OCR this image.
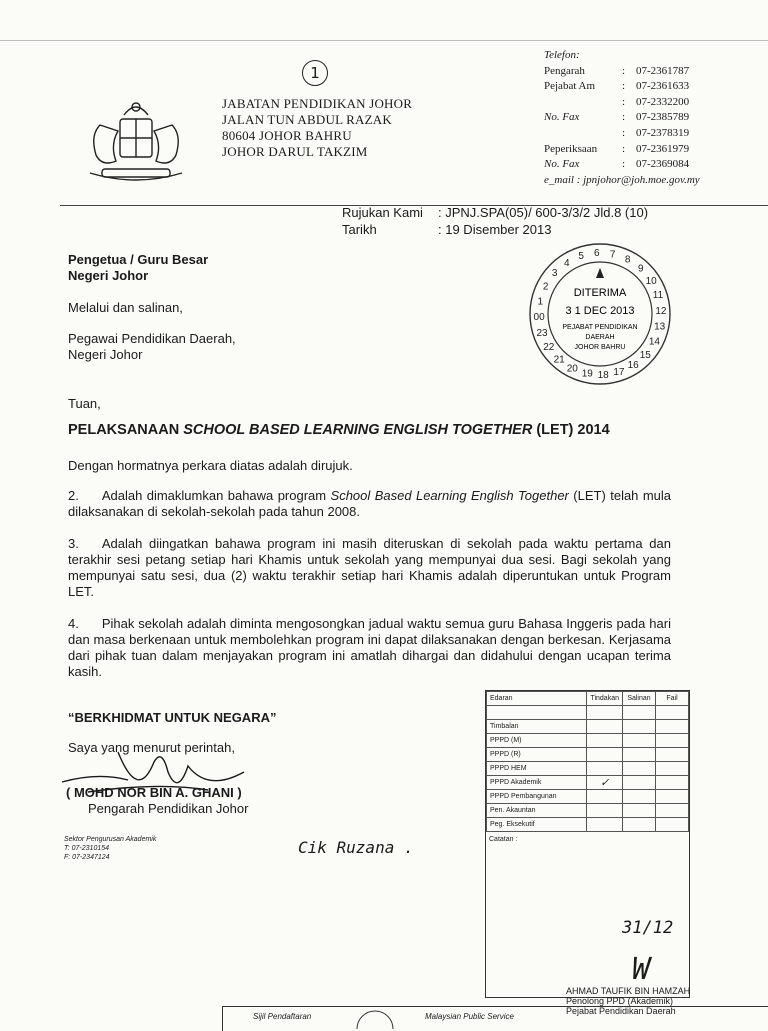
JABATAN PENDIDIKAN JOHOR
JALAN TUN ABDUL RAZAK
80604 JOHOR BAHRU
JOHOR DARUL TAKZIM
1
Telefon:
Pengarah	: 07-2361787
Pejabat Am	: 07-2361633
: 07-2332200
No. Fax	: 07-2385789
: 07-2378319
Peperiksaan	: 07-2361979
No. Fax	: 07-2369084
e_mail : jpnjohor@joh.moe.gov.my
Rujukan Kami	: JPNJ.SPA(05)/ 600-3/3/2 Jld.8 (10)
Tarikh	: 19 Disember 2013
Pengetua / Guru Besar
Negeri Johor
Melalui dan salinan,
Pegawai Pendidikan Daerah,
Negeri Johor
1
2
3
4
5 6 7 8
9
10
11
12
13
14
15
16
17
18
19
20
21
22
23
00
DITERIMA
3 1 DEC 2013
PEJABAT PENDIDIKAN
DAERAH
JOHOR BAHRU
Tuan,
PELAKSANAAN SCHOOL BASED LEARNING ENGLISH TOGETHER (LET) 2014
Dengan hormatnya perkara diatas adalah dirujuk.
2. Adalah dimaklumkan bahawa program School Based Learning English Together (LET) telah mula dilaksanakan di sekolah-sekolah pada tahun 2008.
3. Adalah diingatkan bahawa program ini masih diteruskan di sekolah pada waktu pertama dan terakhir sesi petang setiap hari Khamis untuk sekolah yang mempunyai dua sesi. Bagi sekolah yang mempunyai satu sesi, dua (2) waktu terakhir setiap hari Khamis adalah diperuntukan untuk Program LET.
4. Pihak sekolah adalah diminta mengosongkan jadual waktu semua guru Bahasa Inggeris pada hari dan masa berkenaan untuk membolehkan program ini dapat dilaksanakan dengan berkesan. Kerjasama dari pihak tuan dalam menjayakan program ini amatlah dihargai dan didahului dengan ucapan terima kasih.
“BERKHIDMAT UNTUK NEGARA”
Saya yang menurut perintah,
( MOHD NOR BIN A. GHANI )
Pengarah Pendidikan Johor
Sektor Pengurusan Akademik
T: 07-2310154
F: 07-2347124
Cik Ruzana .
Edaran	Tindakan	Salinan	Fail

Timbalan			
PPPD (M)			
PPPD (R)			
PPPD HEM			
PPPD Akademik	✓		
PPPD Pembangunan			
Pen. Akauntan			
Peg. Eksekutif			
Catatan :
31/12
W
AHMAD TAUFIK BIN HAMZAH
Penolong PPD (Akademik)
Pejabat Pendidikan Daerah
Sijil Pendaftaran	Malaysian Public Service
